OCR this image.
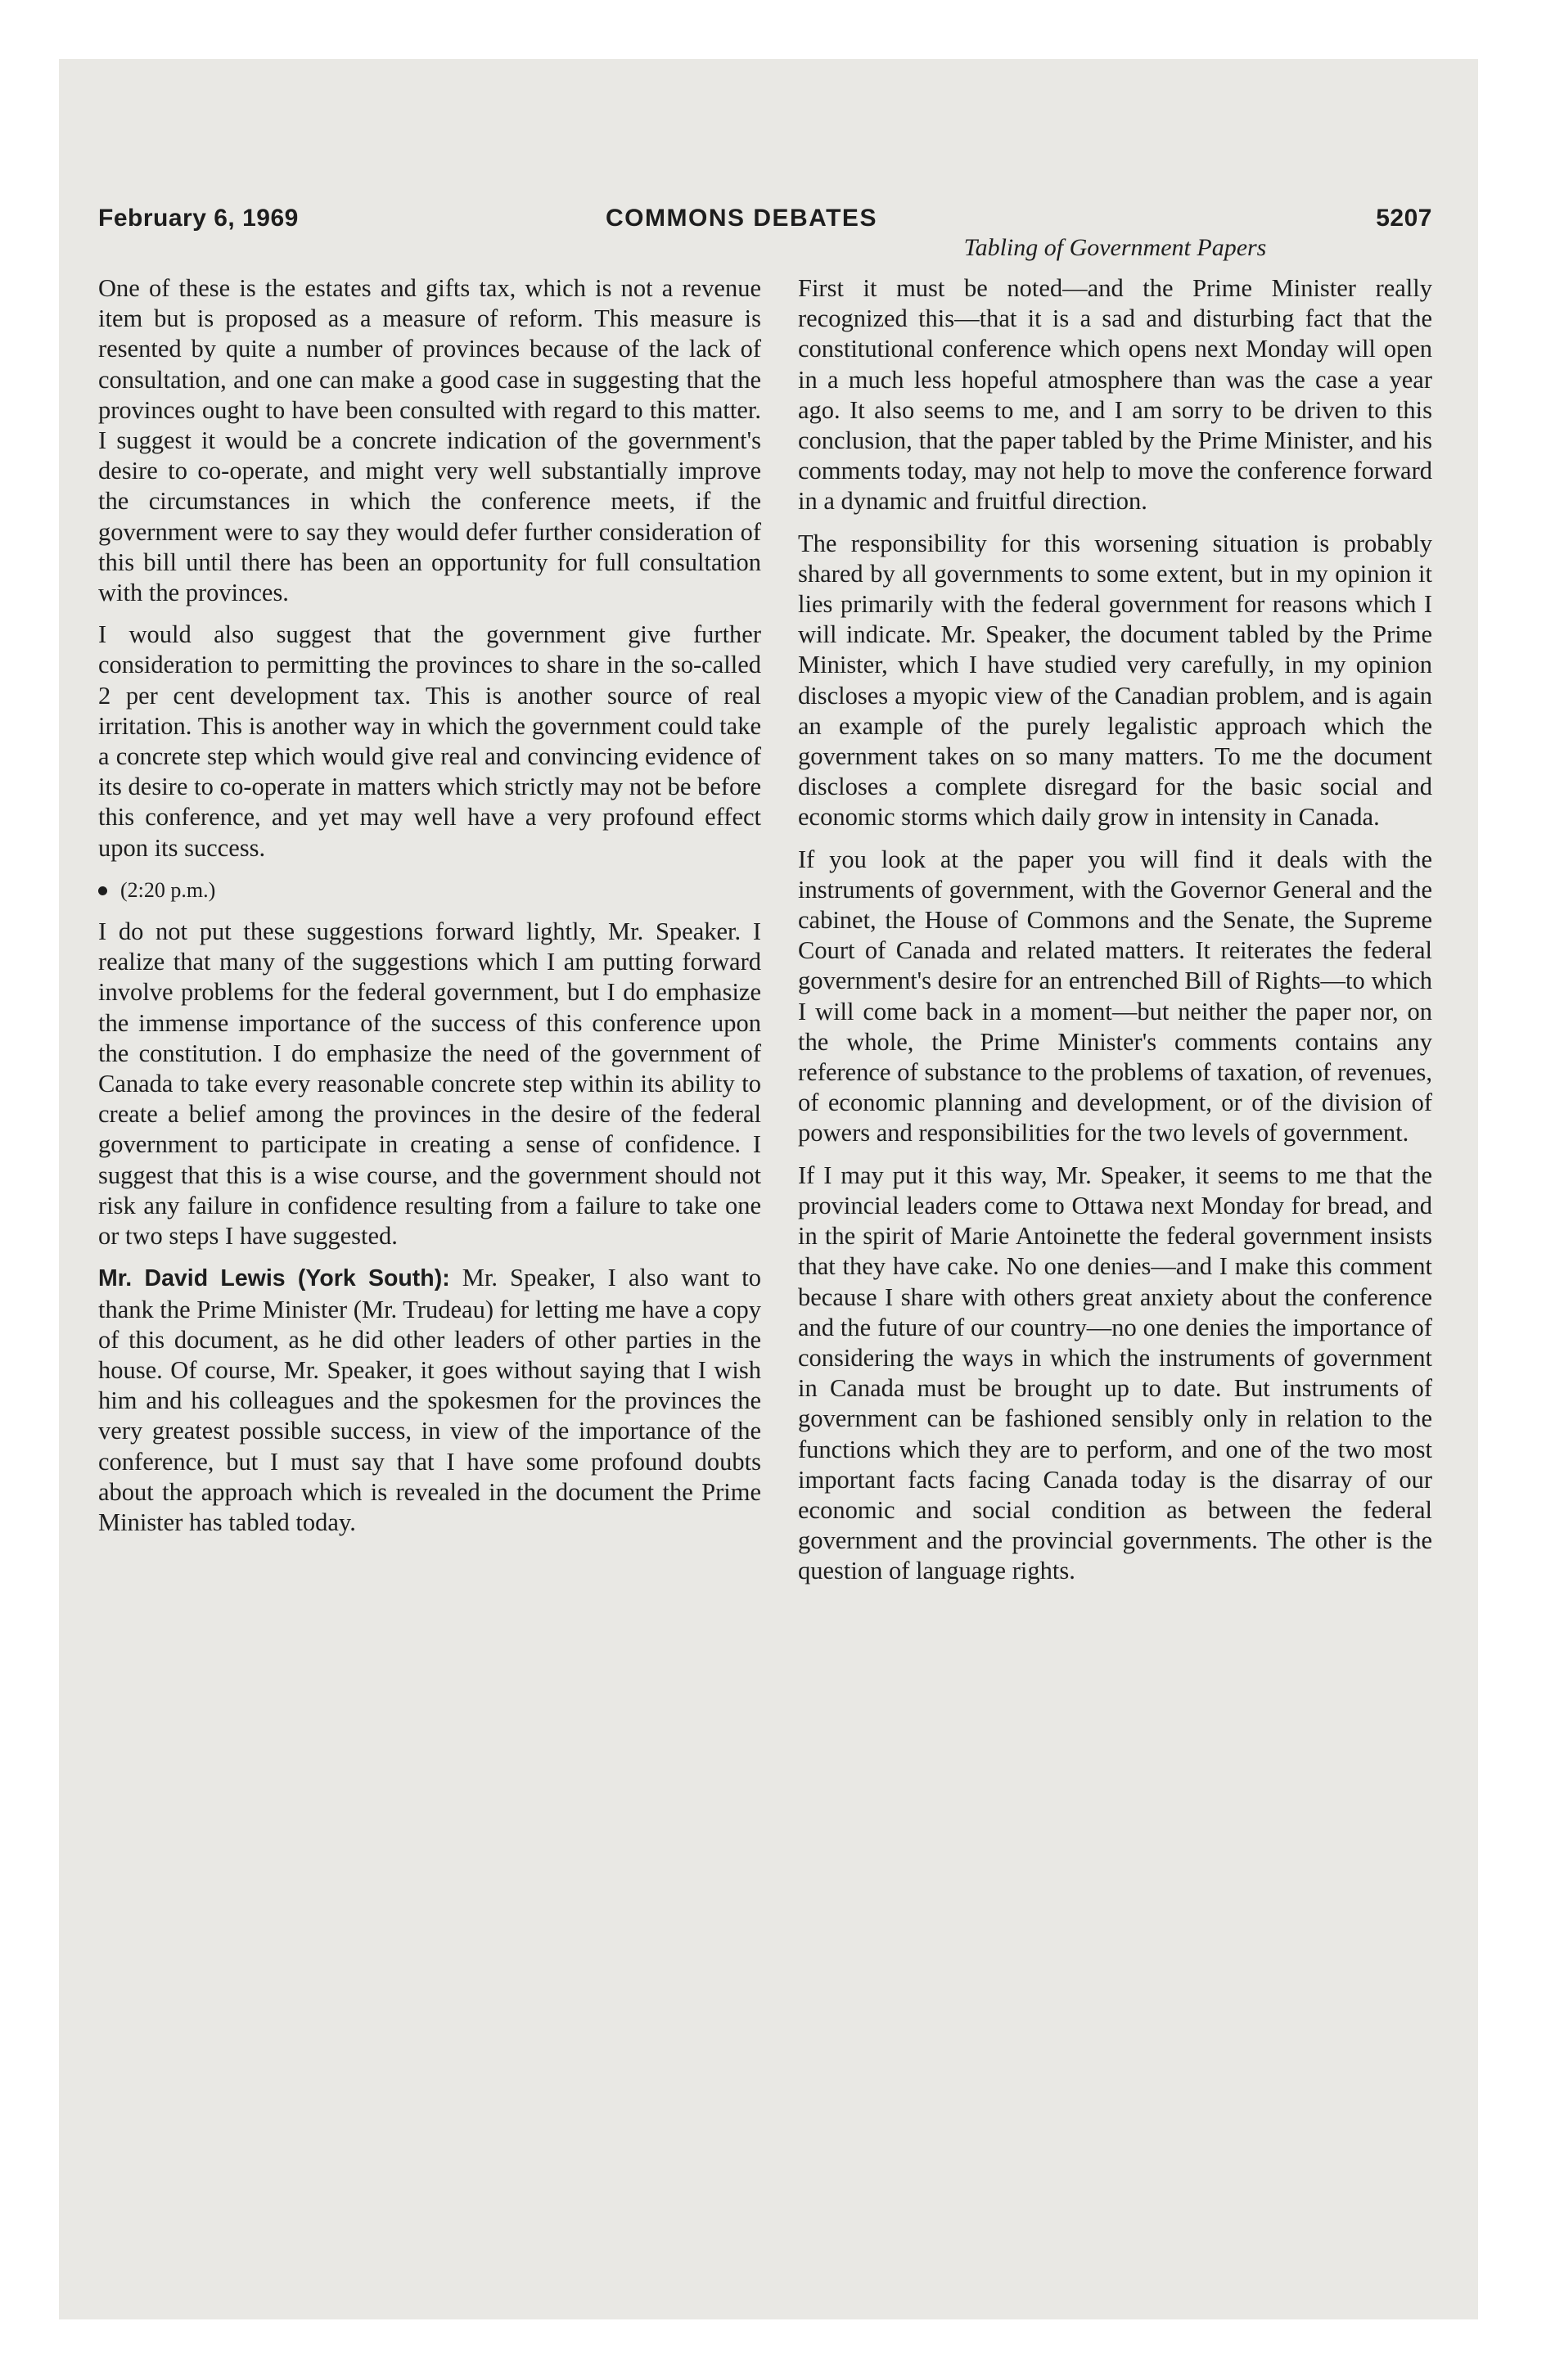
February 6, 1969	COMMONS DEBATES	5207
Tabling of Government Papers

One of these is the estates and gifts tax, which is not a revenue item but is proposed as a measure of reform. This measure is resented by quite a number of provinces because of the lack of consultation, and one can make a good case in suggesting that the provinces ought to have been consulted with regard to this matter. I suggest it would be a concrete indication of the government's desire to co-operate, and might very well substantially improve the circumstances in which the conference meets, if the government were to say they would defer further consideration of this bill until there has been an opportunity for full consultation with the provinces.

I would also suggest that the government give further consideration to permitting the provinces to share in the so-called 2 per cent development tax. This is another source of real irritation. This is another way in which the government could take a concrete step which would give real and convincing evidence of its desire to co-operate in matters which strictly may not be before this conference, and yet may well have a very profound effect upon its success.

(2:20 p.m.)

I do not put these suggestions forward lightly, Mr. Speaker. I realize that many of the suggestions which I am putting forward involve problems for the federal government, but I do emphasize the immense importance of the success of this conference upon the constitution. I do emphasize the need of the government of Canada to take every reasonable concrete step within its ability to create a belief among the provinces in the desire of the federal government to participate in creating a sense of confidence. I suggest that this is a wise course, and the government should not risk any failure in confidence resulting from a failure to take one or two steps I have suggested.

Mr. David Lewis (York South): Mr. Speaker, I also want to thank the Prime Minister (Mr. Trudeau) for letting me have a copy of this document, as he did other leaders of other parties in the house. Of course, Mr. Speaker, it goes without saying that I wish him and his colleagues and the spokesmen for the provinces the very greatest possible success, in view of the importance of the conference, but I must say that I have some profound doubts about the approach which is revealed in the document the Prime Minister has tabled today.

First it must be noted—and the Prime Minister really recognized this—that it is a sad and disturbing fact that the constitutional conference which opens next Monday will open in a much less hopeful atmosphere than was the case a year ago. It also seems to me, and I am sorry to be driven to this conclusion, that the paper tabled by the Prime Minister, and his comments today, may not help to move the conference forward in a dynamic and fruitful direction.

The responsibility for this worsening situation is probably shared by all governments to some extent, but in my opinion it lies primarily with the federal government for reasons which I will indicate. Mr. Speaker, the document tabled by the Prime Minister, which I have studied very carefully, in my opinion discloses a myopic view of the Canadian problem, and is again an example of the purely legalistic approach which the government takes on so many matters. To me the document discloses a complete disregard for the basic social and economic storms which daily grow in intensity in Canada.

If you look at the paper you will find it deals with the instruments of government, with the Governor General and the cabinet, the House of Commons and the Senate, the Supreme Court of Canada and related matters. It reiterates the federal government's desire for an entrenched Bill of Rights—to which I will come back in a moment—but neither the paper nor, on the whole, the Prime Minister's comments contains any reference of substance to the problems of taxation, of revenues, of economic planning and development, or of the division of powers and responsibilities for the two levels of government.

If I may put it this way, Mr. Speaker, it seems to me that the provincial leaders come to Ottawa next Monday for bread, and in the spirit of Marie Antoinette the federal government insists that they have cake. No one denies—and I make this comment because I share with others great anxiety about the conference and the future of our country—no one denies the importance of considering the ways in which the instruments of government in Canada must be brought up to date. But instruments of government can be fashioned sensibly only in relation to the functions which they are to perform, and one of the two most important facts facing Canada today is the disarray of our economic and social condition as between the federal government and the provincial governments. The other is the question of language rights.
